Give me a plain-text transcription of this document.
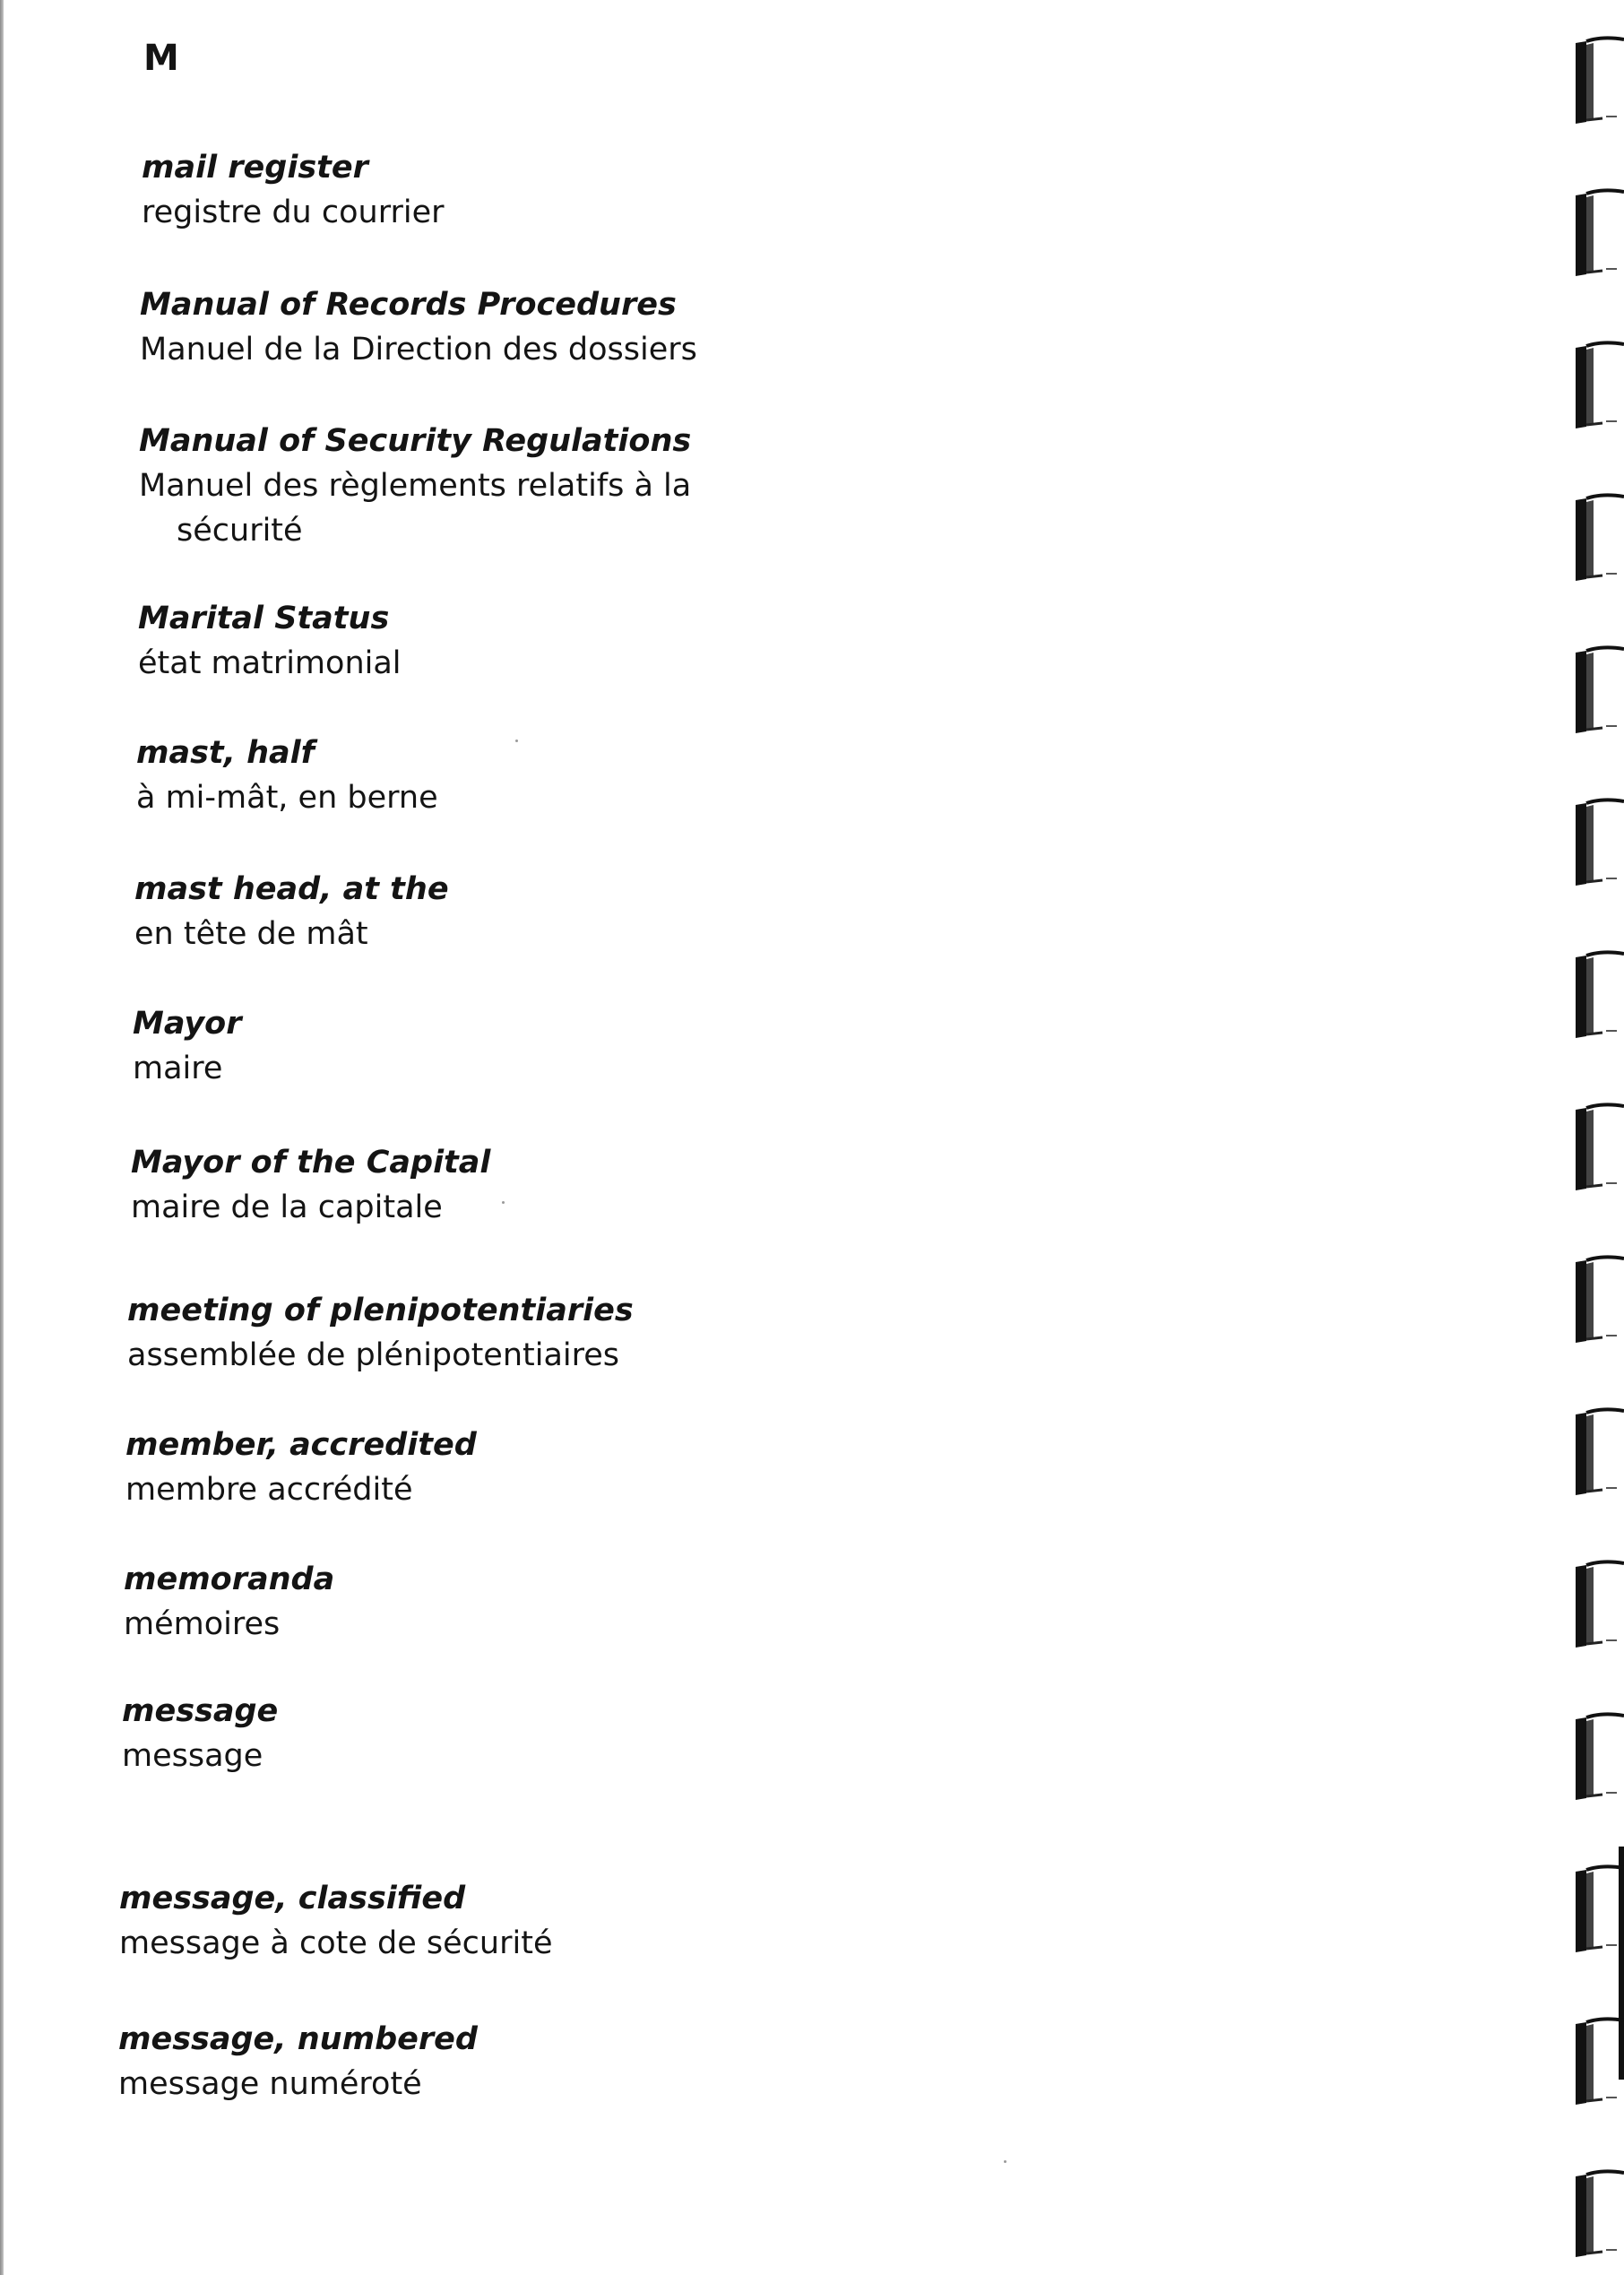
M
mail register
registre du courrier
Manual of Records Procedures
Manuel de la Direction des dossiers
Manual of Security Regulations
Manuel des règlements relatifs à la
sécurité
Marital Status
état matrimonial
mast, half
à mi-mât, en berne
mast head, at the
en tête de mât
Mayor
maire
Mayor of the Capital
maire de la capitale
meeting of plenipotentiaries
assemblée de plénipotentiaires
member, accredited
membre accrédité
memoranda
mémoires
message
message
message, classified
message à cote de sécurité
message, numbered
message numéroté
